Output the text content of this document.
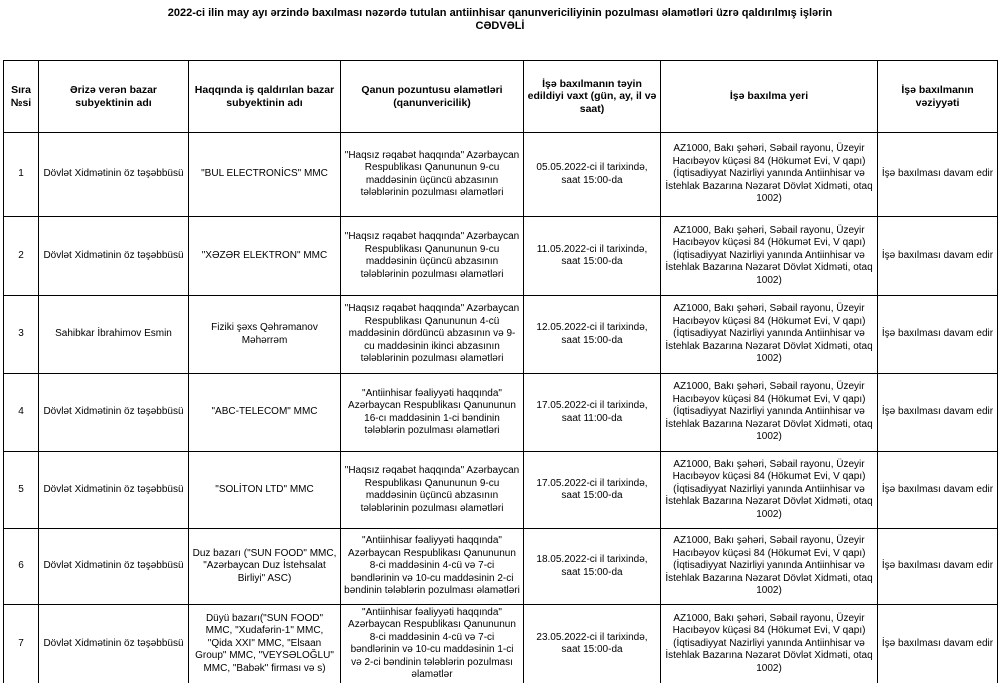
2022-ci ilin may ayı ərzində baxılması nəzərdə tutulan antiinhisar qanunvericiliyinin pozulması əlamətləri üzrə qaldırılmış işlərin
CƏDVƏLİ
Sıra №si	Ərizə verən bazar subyektinin adı	Haqqında iş qaldırılan bazar subyektinin adı	Qanun pozuntusu əlamətləri (qanunvericilik)	İşə baxılmanın təyin edildiyi vaxt (gün, ay, il və saat)	İşə baxılma yeri	İşə baxılmanın vəziyyəti
1	Dövlət Xidmətinin öz təşəbbüsü	"BUL ELECTRONİCS" MMC	"Haqsız rəqabət haqqında" Azərbaycan Respublikası Qanununun 9-cu maddəsinin üçüncü abzasının tələblərinin pozulması əlamətləri	05.05.2022-ci il tarixində, saat 15:00-da	AZ1000, Bakı şəhəri, Səbail rayonu, Üzeyir Hacıbəyov küçəsi 84 (Hökumət Evi, V qapı) (İqtisadiyyat Nazirliyi yanında Antiinhisar və İstehlak Bazarına Nəzarət Dövlət Xidməti, otaq 1002)	İşə baxılması davam edir
2	Dövlət Xidmətinin öz təşəbbüsü	"XƏZƏR ELEKTRON" MMC	"Haqsız rəqabət haqqında" Azərbaycan Respublikası Qanununun 9-cu maddəsinin üçüncü abzasının tələblərinin pozulması əlamətləri	11.05.2022-ci il tarixində, saat 15:00-da	AZ1000, Bakı şəhəri, Səbail rayonu, Üzeyir Hacıbəyov küçəsi 84 (Hökumət Evi, V qapı) (İqtisadiyyat Nazirliyi yanında Antiinhisar və İstehlak Bazarına Nəzarət Dövlət Xidməti, otaq 1002)	İşə baxılması davam edir
3	Sahibkar İbrahimov Esmin	Fiziki şəxs Qəhrəmanov Məhərrəm	"Haqsız rəqabət haqqında" Azərbaycan Respublikası Qanununun 4-cü maddəsinin dördüncü abzasının və 9-cu maddəsinin ikinci abzasının tələblərinin pozulması əlamətləri	12.05.2022-ci il tarixində, saat 15:00-da	AZ1000, Bakı şəhəri, Səbail rayonu, Üzeyir Hacıbəyov küçəsi 84 (Hökumət Evi, V qapı) (İqtisadiyyat Nazirliyi yanında Antiinhisar və İstehlak Bazarına Nəzarət Dövlət Xidməti, otaq 1002)	İşə baxılması davam edir
4	Dövlət Xidmətinin öz təşəbbüsü	"ABC-TELECOM" MMC	"Antiinhisar fəaliyyəti haqqında" Azərbaycan Respublikası Qanununun 16-cı maddəsinin 1-ci bəndinin tələblərin pozulması əlamətləri	17.05.2022-ci il tarixində, saat 11:00-da	AZ1000, Bakı şəhəri, Səbail rayonu, Üzeyir Hacıbəyov küçəsi 84 (Hökumət Evi, V qapı) (İqtisadiyyat Nazirliyi yanında Antiinhisar və İstehlak Bazarına Nəzarət Dövlət Xidməti, otaq 1002)	İşə baxılması davam edir
5	Dövlət Xidmətinin öz təşəbbüsü	"SOLİTON LTD" MMC	"Haqsız rəqabət haqqında" Azərbaycan Respublikası Qanununun 9-cu maddəsinin üçüncü abzasının tələblərinin pozulması əlamətləri	17.05.2022-ci il tarixində, saat 15:00-da	AZ1000, Bakı şəhəri, Səbail rayonu, Üzeyir Hacıbəyov küçəsi 84 (Hökumət Evi, V qapı) (İqtisadiyyat Nazirliyi yanında Antiinhisar və İstehlak Bazarına Nəzarət Dövlət Xidməti, otaq 1002)	İşə baxılması davam edir
6	Dövlət Xidmətinin öz təşəbbüsü	Duz bazarı ("SUN FOOD" MMC, "Azərbaycan Duz İstehsalat Birliyi" ASC)	"Antiinhisar fəaliyyəti haqqında" Azərbaycan Respublikası Qanununun 8-ci maddəsinin 4-cü və 7-ci bəndlərinin və 10-cu maddəsinin 2-ci bəndinin tələblərin pozulması əlamətləri	18.05.2022-ci il tarixində, saat 15:00-da	AZ1000, Bakı şəhəri, Səbail rayonu, Üzeyir Hacıbəyov küçəsi 84 (Hökumət Evi, V qapı) (İqtisadiyyat Nazirliyi yanında Antiinhisar və İstehlak Bazarına Nəzarət Dövlət Xidməti, otaq 1002)	İşə baxılması davam edir
7	Dövlət Xidmətinin öz təşəbbüsü	Düyü bazarı("SUN FOOD" MMC, "Xudafərin-1" MMC, "Qida XXI" MMC, "Elsaan Group" MMC, "VEYSƏLOĞLU" MMC, "Babək" firması və s)	"Antiinhisar fəaliyyəti haqqında" Azərbaycan Respublikası Qanununun 8-ci maddəsinin 4-cü və 7-ci bəndlərinin və 10-cu maddəsinin 1-ci və 2-ci bəndinin tələblərin pozulması əlamətlər	23.05.2022-ci il tarixində, saat 15:00-da	AZ1000, Bakı şəhəri, Səbail rayonu, Üzeyir Hacıbəyov küçəsi 84 (Hökumət Evi, V qapı) (İqtisadiyyat Nazirliyi yanında Antiinhisar və İstehlak Bazarına Nəzarət Dövlət Xidməti, otaq 1002)	İşə baxılması davam edir
